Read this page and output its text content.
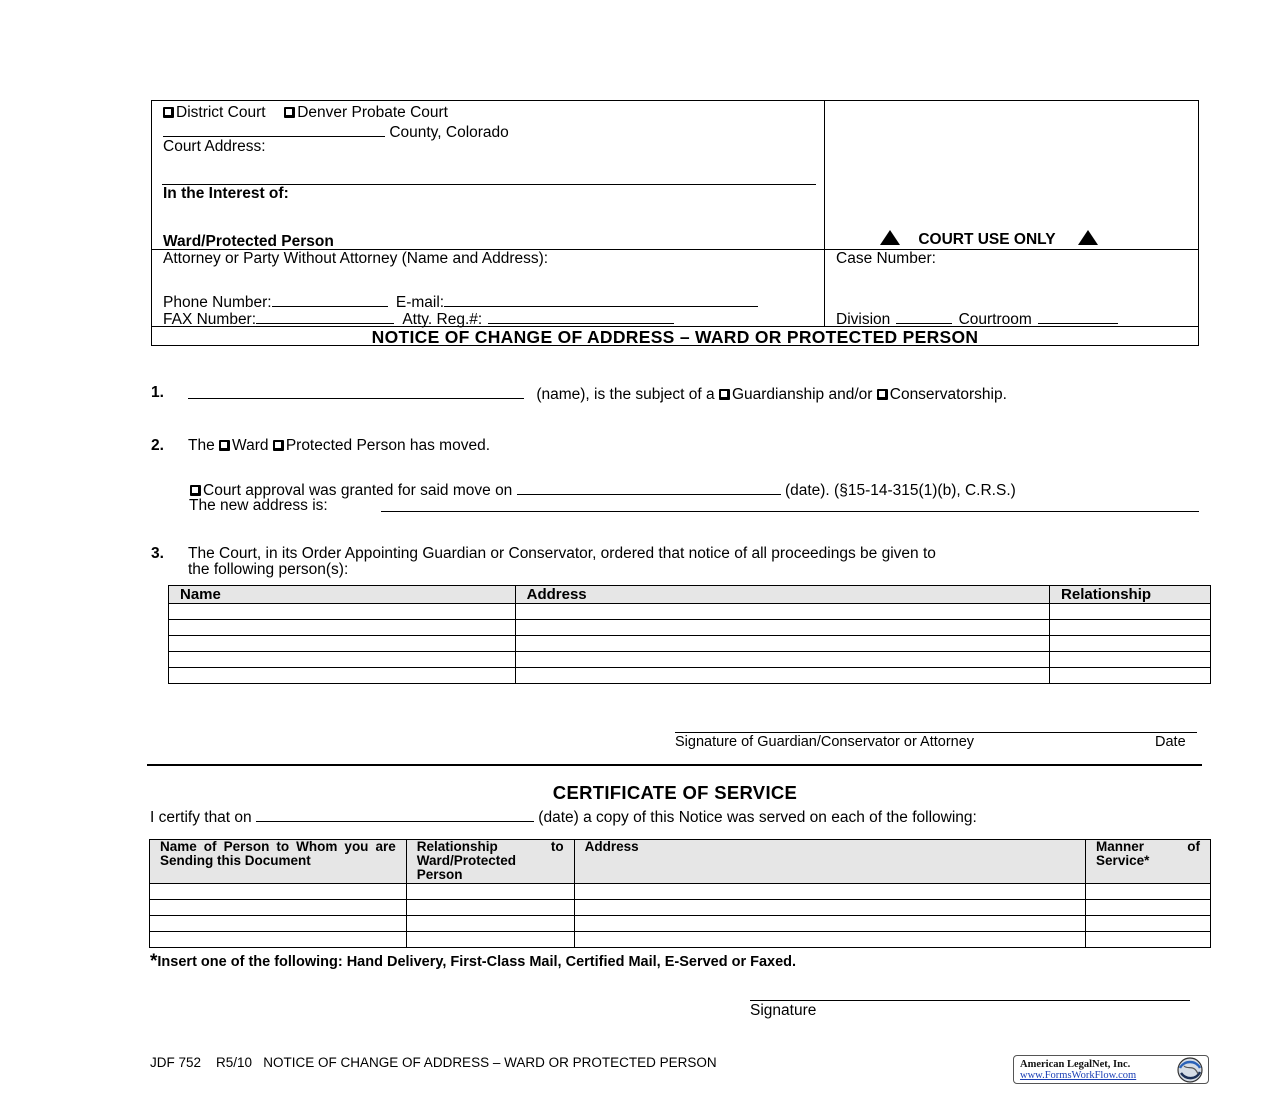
District Court Denver Probate Court
County, Colorado
Court Address:
In the Interest of:
Ward/Protected Person	COURT USE ONLY
Attorney or Party Without Attorney (Name and Address):
Phone Number:	E-mail:
FAX Number:	Atty. Reg.#:
Case Number:
Division	Courtroom
NOTICE OF CHANGE OF ADDRESS – WARD OR PROTECTED PERSON
1.	(name), is the subject of a Guardianship and/or Conservatorship.
2. The Ward Protected Person has moved.
Court approval was granted for said move on	(date). (§15-14-315(1)(b), C.R.S.)
The new address is:
3. The Court, in its Order Appointing Guardian or Conservator, ordered that notice of all proceedings be given to
the following person(s):
Name	Address	Relationship

Signature of Guardian/Conservator or Attorney	Date
CERTIFICATE OF SERVICE
I certify that on	(date) a copy of this Notice was served on each of the following:
Name of Person to Whom you are Sending this Document	Relationship to Ward/Protected Person	Address	Manner of Service*

*Insert one of the following: Hand Delivery, First-Class Mail, Certified Mail, E-Served or Faxed.
Signature
JDF 752    R5/10   NOTICE OF CHANGE OF ADDRESS – WARD OR PROTECTED PERSON	American LegalNet, Inc.
www.FormsWorkFlow.com
